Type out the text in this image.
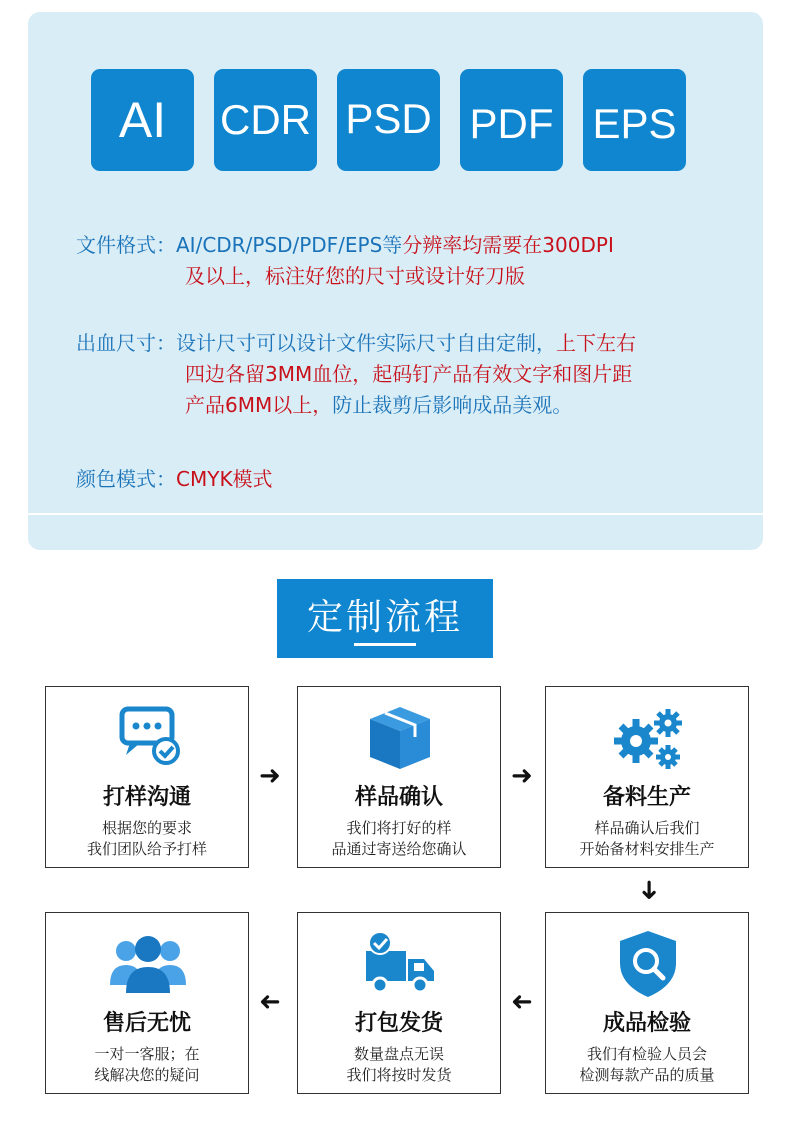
AI	CDR PSD PDF EPS
文件格式：AI/CDR/PSD/PDF/EPS等分辨率均需要在300DPI
及以上，标注好您的尺寸或设计好刀版
出血尺寸：设计尺寸可以设计文件实际尺寸自由定制，上下左右
四边各留3MM血位，起码钉产品有效文字和图片距
产品6MM以上，防止裁剪后影响成品美观。
颜色模式：CMYK模式
定制流程
打样沟通
根据您的要求
我们团队给予打样
➜
样品确认
我们将打好的样
品通过寄送给您确认
➜
备料生产
样品确认后我们
开始备材料安排生产
➜
售后无忧
一对一客服；在
线解决您的疑问
➜
打包发货
数量盘点无误
我们将按时发货
➜
成品检验
我们有检验人员会
检测每款产品的质量
